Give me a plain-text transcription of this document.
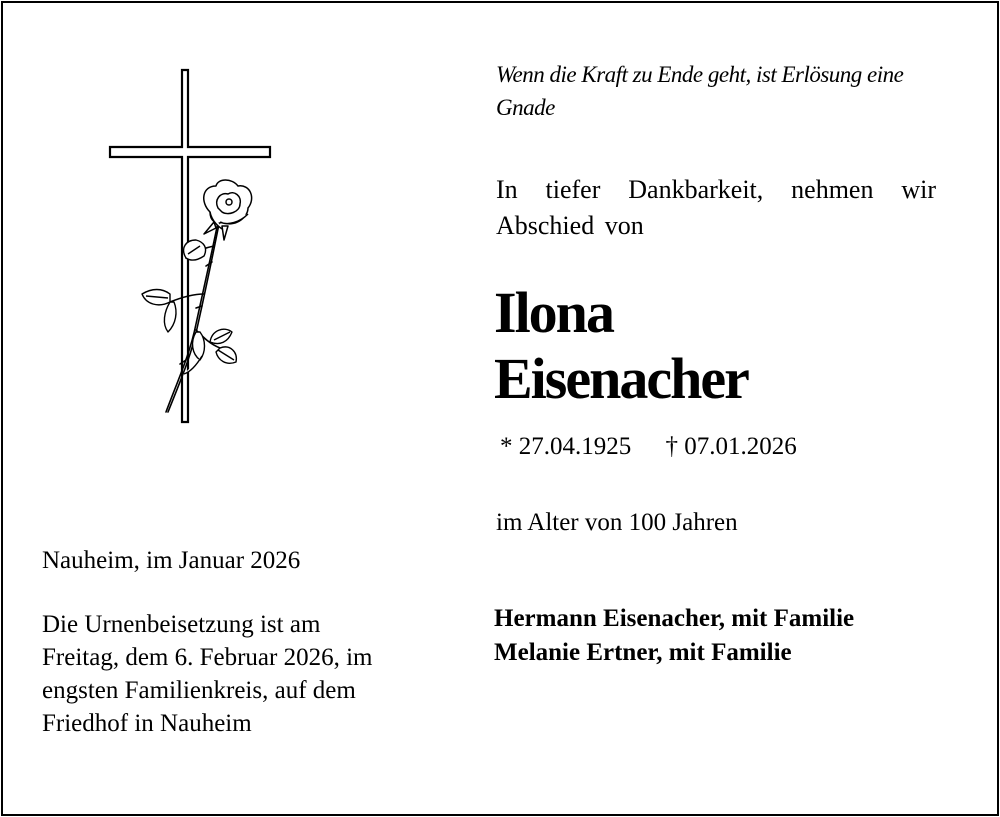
Wenn die Kraft zu Ende geht, ist Erlösung eine Gnade
In tiefer Dankbarkeit, nehmen wir Abschied von
Ilona
Eisenacher
* 27.04.1925 † 07.01.2026
im Alter von 100 Jahren
Hermann Eisenacher, mit Familie
Melanie Ertner, mit Familie
Nauheim, im Januar 2026
Die Urnenbeisetzung ist am Freitag, dem 6. Februar 2026, im engsten Familienkreis, auf dem Friedhof in Nauheim
